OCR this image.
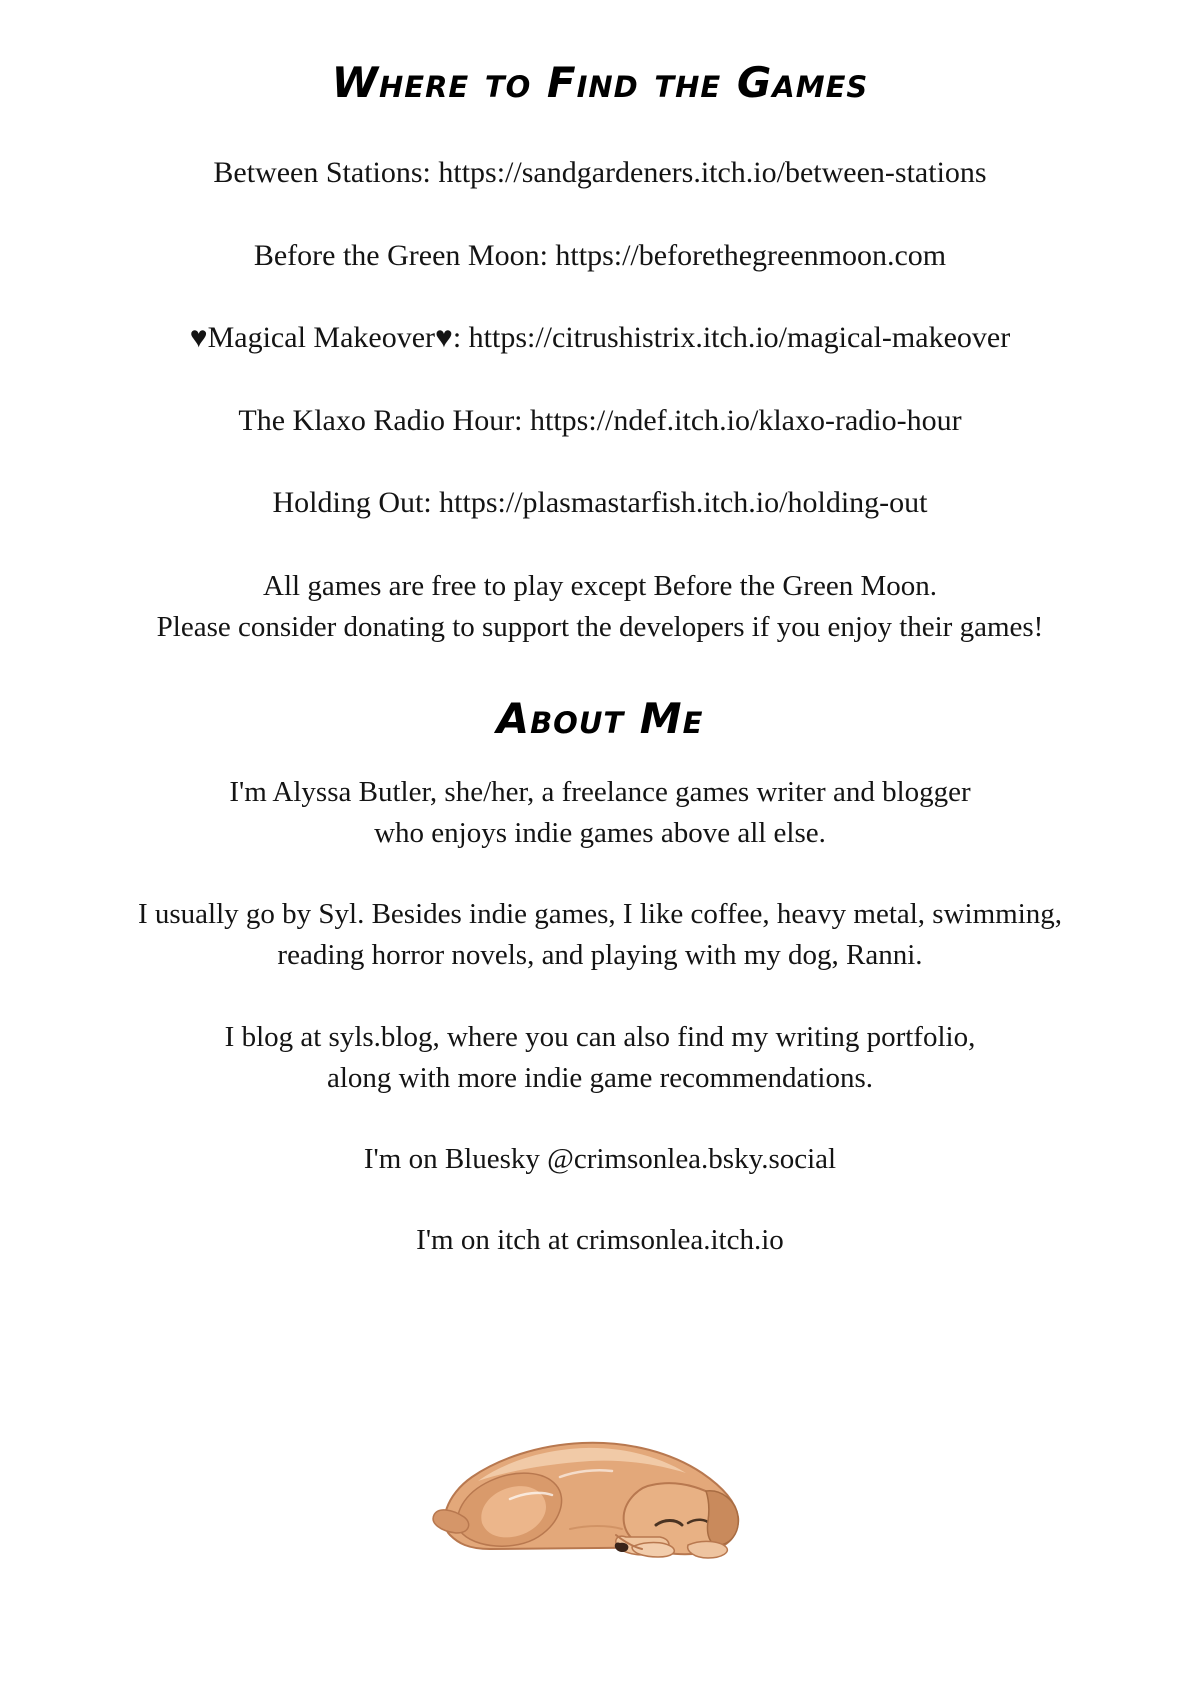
Where to Find the Games
Between Stations: https://sandgardeners.itch.io/between-stations
Before the Green Moon: https://beforethegreenmoon.com
♥Magical Makeover♥: https://citrushistrix.itch.io/magical-makeover
The Klaxo Radio Hour: https://ndef.itch.io/klaxo-radio-hour
Holding Out: https://plasmastarfish.itch.io/holding-out
All games are free to play except Before the Green Moon.
Please consider donating to support the developers if you enjoy their games!
About Me

I'm Alyssa Butler, she/her, a freelance games writer and blogger
who enjoys indie games above all else.

I usually go by Syl. Besides indie games, I like coffee, heavy metal, swimming,
reading horror novels, and playing with my dog, Ranni.

I blog at syls.blog, where you can also find my writing portfolio,
along with more indie game recommendations.

I'm on Bluesky @crimsonlea.bsky.social

I'm on itch at crimsonlea.itch.io
